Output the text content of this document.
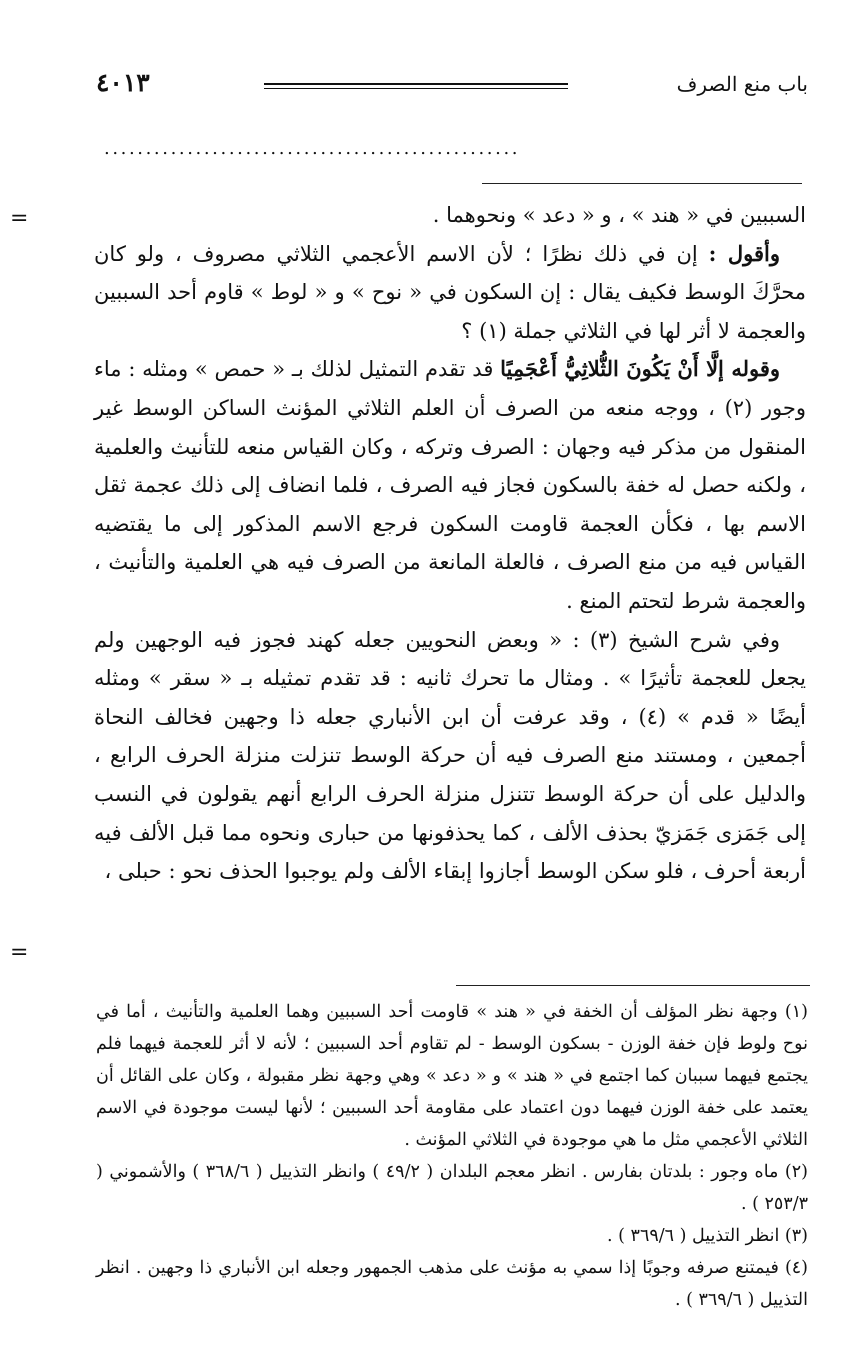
٤٠١٣	باب منع الصرف
..................................................
=
=

السببين في « هند » ، و « دعد » ونحوهما .

وأقول : إن في ذلك نظرًا ؛ لأن الاسم الأعجمي الثلاثي مصروف ، ولو كان محرَّكَ الوسط فكيف يقال : إن السكون في « نوح » و « لوط » قاوم أحد السببين والعجمة لا أثر لها في الثلاثي جملة (١) ؟

وقوله إلَّا أَنْ يَكُونَ الثُّلاثِيُّ أَعْجَمِيًا قد تقدم التمثيل لذلك بـ « حمص » ومثله : ماء وجور (٢) ، ووجه منعه من الصرف أن العلم الثلاثي المؤنث الساكن الوسط غير المنقول من مذكر فيه وجهان : الصرف وتركه ، وكان القياس منعه للتأنيث والعلمية ، ولكنه حصل له خفة بالسكون فجاز فيه الصرف ، فلما انضاف إلى ذلك عجمة ثقل الاسم بها ، فكأن العجمة قاومت السكون فرجع الاسم المذكور إلى ما يقتضيه القياس فيه من منع الصرف ، فالعلة المانعة من الصرف فيه هي العلمية والتأنيث ، والعجمة شرط لتحتم المنع .

وفي شرح الشيخ (٣) : « وبعض النحويين جعله كهند فجوز فيه الوجهين ولم يجعل للعجمة تأثيرًا » . ومثال ما تحرك ثانيه : قد تقدم تمثيله بـ « سقر » ومثله أيضًا « قدم » (٤) ، وقد عرفت أن ابن الأنباري جعله ذا وجهين فخالف النحاة أجمعين ، ومستند منع الصرف فيه أن حركة الوسط تنزلت منزلة الحرف الرابع ، والدليل على أن حركة الوسط تتنزل منزلة الحرف الرابع أنهم يقولون في النسب إلى جَمَزى جَمَزيّ بحذف الألف ، كما يحذفونها من حبارى ونحوه مما قبل الألف فيه أربعة أحرف ، فلو سكن الوسط أجازوا إبقاء الألف ولم يوجبوا الحذف نحو : حبلى ،

(١) وجهة نظر المؤلف أن الخفة في « هند » قاومت أحد السببين وهما العلمية والتأنيث ، أما في نوح ولوط فإن خفة الوزن - بسكون الوسط - لم تقاوم أحد السببين ؛ لأنه لا أثر للعجمة فيهما فلم يجتمع فيهما سببان كما اجتمع في « هند » و « دعد » وهي وجهة نظر مقبولة ، وكان على القائل أن يعتمد على خفة الوزن فيهما دون اعتماد على مقاومة أحد السببين ؛ لأنها ليست موجودة في الاسم الثلاثي الأعجمي مثل ما هي موجودة في الثلاثي المؤنث .

(٢) ماه وجور : بلدتان بفارس . انظر معجم البلدان ( ٤٩/٢ ) وانظر التذييل ( ٣٦٨/٦ ) والأشموني ( ٢٥٣/٣ ) .

(٣) انظر التذييل ( ٣٦٩/٦ ) .

(٤) فيمتنع صرفه وجوبًا إذا سمي به مؤنث على مذهب الجمهور وجعله ابن الأنباري ذا وجهين . انظر التذييل ( ٣٦٩/٦ ) .
